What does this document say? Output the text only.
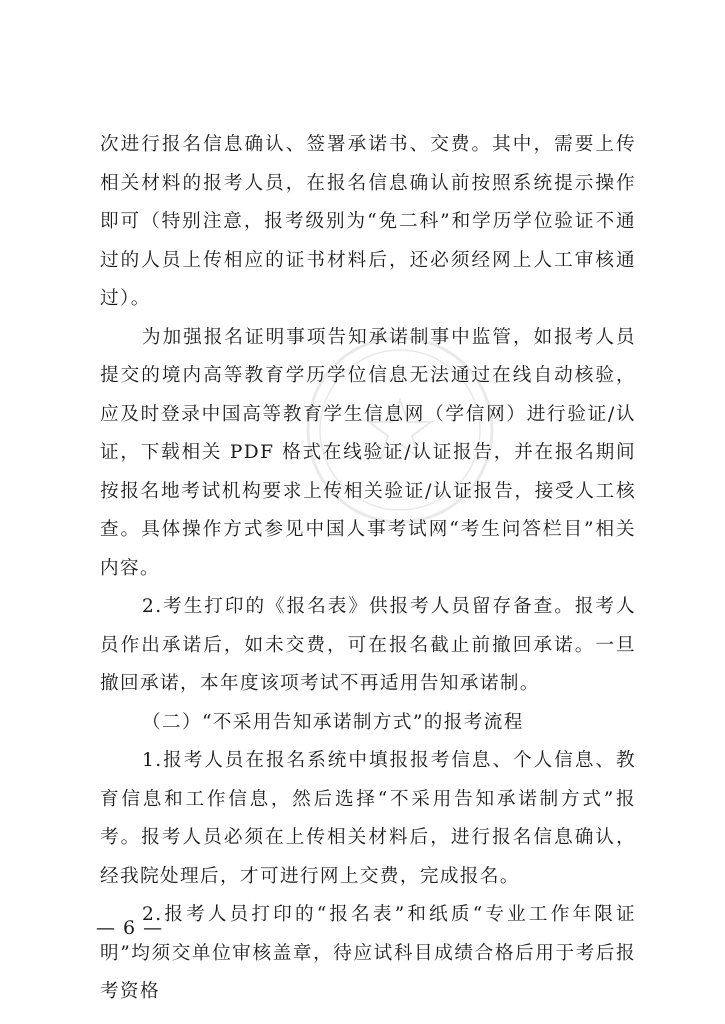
次进行报名信息确认、签署承诺书、交费。其中，需要上传相关材料的报考人员，在报名信息确认前按照系统提示操作即可（特别注意，报考级别为“免二科”和学历学位验证不通过的人员上传相应的证书材料后，还必须经网上人工审核通过）。

为加强报名证明事项告知承诺制事中监管，如报考人员提交的境内高等教育学历学位信息无法通过在线自动核验，应及时登录中国高等教育学生信息网（学信网）进行验证/认证，下载相关 PDF 格式在线验证/认证报告，并在报名期间按报名地考试机构要求上传相关验证/认证报告，接受人工核查。具体操作方式参见中国人事考试网“考生问答栏目”相关内容。

2.考生打印的《报名表》供报考人员留存备查。报考人员作出承诺后，如未交费，可在报名截止前撤回承诺。一旦撤回承诺，本年度该项考试不再适用告知承诺制。

（二）“不采用告知承诺制方式”的报考流程

1.报考人员在报名系统中填报报考信息、个人信息、教育信息和工作信息，然后选择“不采用告知承诺制方式”报考。报考人员必须在上传相关材料后，进行报名信息确认，经我院处理后，才可进行网上交费，完成报名。

2.报考人员打印的“报名表”和纸质“专业工作年限证明”均须交单位审核盖章，待应试科目成绩合格后用于考后报考资格

— 6 —
